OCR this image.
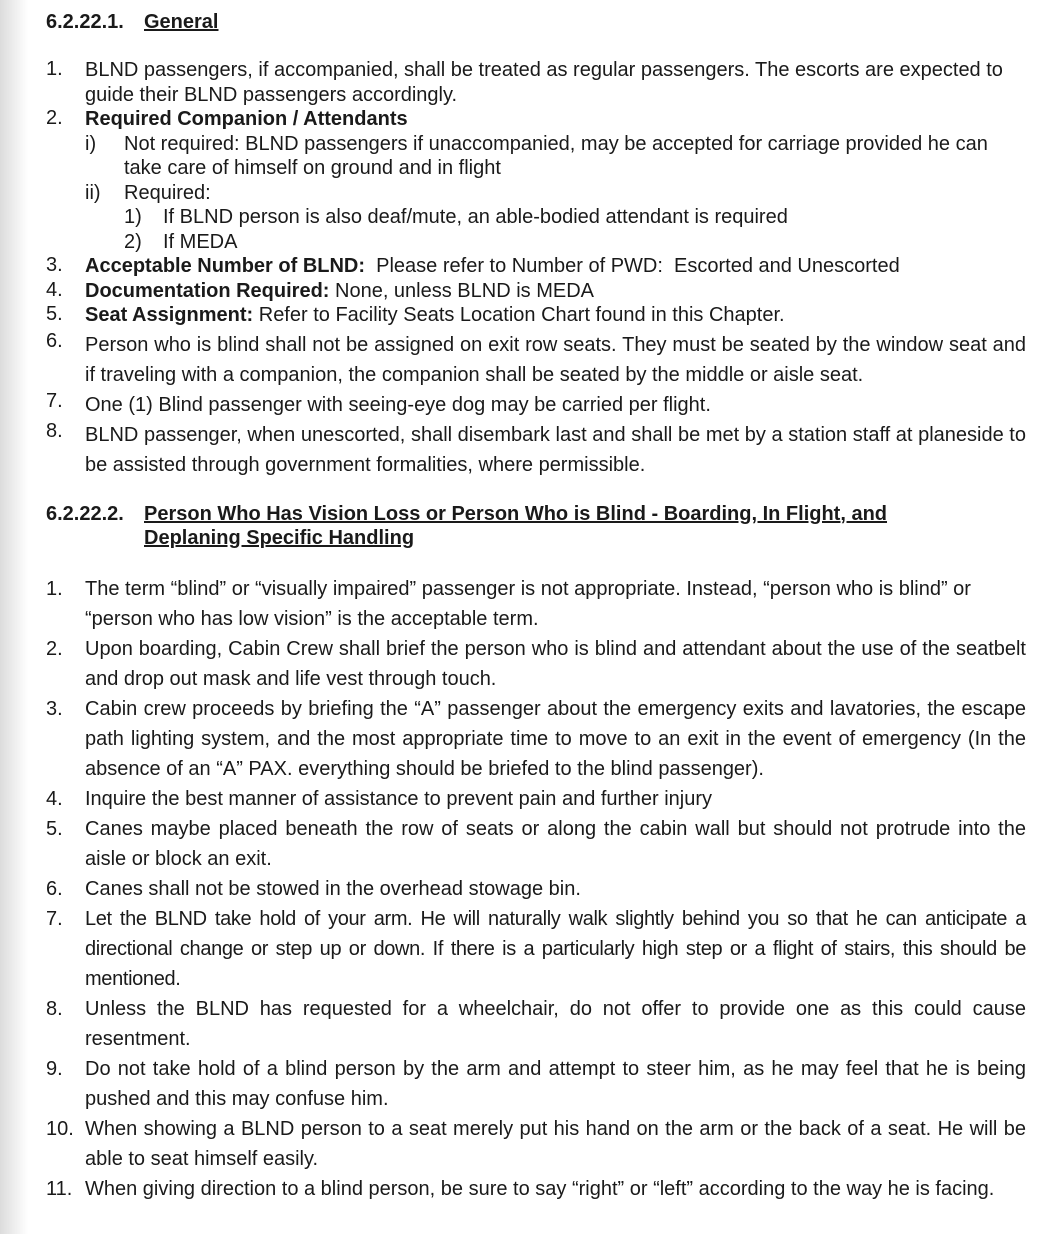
6.2.22.1.	General
1.	BLND passengers, if accompanied, shall be treated as regular passengers. The escorts are expected to guide their BLND passengers accordingly.
2.	Required Companion / Attendants
i)	Not required: BLND passengers if unaccompanied, may be accepted for carriage provided he can take care of himself on ground and in flight
ii)	Required:
1)	If BLND person is also deaf/mute, an able-bodied attendant is required
2)	If MEDA
3.	Acceptable Number of BLND:  Please refer to Number of PWD:  Escorted and Unescorted
4.	Documentation Required: None, unless BLND is MEDA
5.	Seat Assignment: Refer to Facility Seats Location Chart found in this Chapter.
6.	Person who is blind shall not be assigned on exit row seats. They must be seated by the window seat and if traveling with a companion, the companion shall be seated by the middle or aisle seat.
7.	One (1) Blind passenger with seeing-eye dog may be carried per flight.
8.	BLND passenger, when unescorted, shall disembark last and shall be met by a station staff at planeside to be assisted through government formalities, where permissible.
6.2.22.2.	Person Who Has Vision Loss or Person Who is Blind - Boarding, In Flight, and
Deplaning Specific Handling
1.	The term “blind” or “visually impaired” passenger is not appropriate. Instead, “person who is blind” or “person who has low vision” is the acceptable term.
2.	Upon boarding, Cabin Crew shall brief the person who is blind and attendant about the use of the seatbelt and drop out mask and life vest through touch.
3.	Cabin crew proceeds by briefing the “A” passenger about the emergency exits and lavatories, the escape path lighting system, and the most appropriate time to move to an exit in the event of emergency (In the absence of an “A” PAX. everything should be briefed to the blind passenger).
4.	Inquire the best manner of assistance to prevent pain and further injury
5.	Canes maybe placed beneath the row of seats or along the cabin wall but should not protrude into the aisle or block an exit.
6.	Canes shall not be stowed in the overhead stowage bin.
7.	Let the BLND take hold of your arm. He will naturally walk slightly behind you so that he can anticipate a directional change or step up or down. If there is a particularly high step or a flight of stairs, this should be mentioned.
8.	Unless the BLND has requested for a wheelchair, do not offer to provide one as this could cause resentment.
9.	Do not take hold of a blind person by the arm and attempt to steer him, as he may feel that he is being pushed and this may confuse him.
10. When showing a BLND person to a seat merely put his hand on the arm or the back of a seat. He will be able to seat himself easily.
11. When giving direction to a blind person, be sure to say “right” or “left” according to the way he is facing.
